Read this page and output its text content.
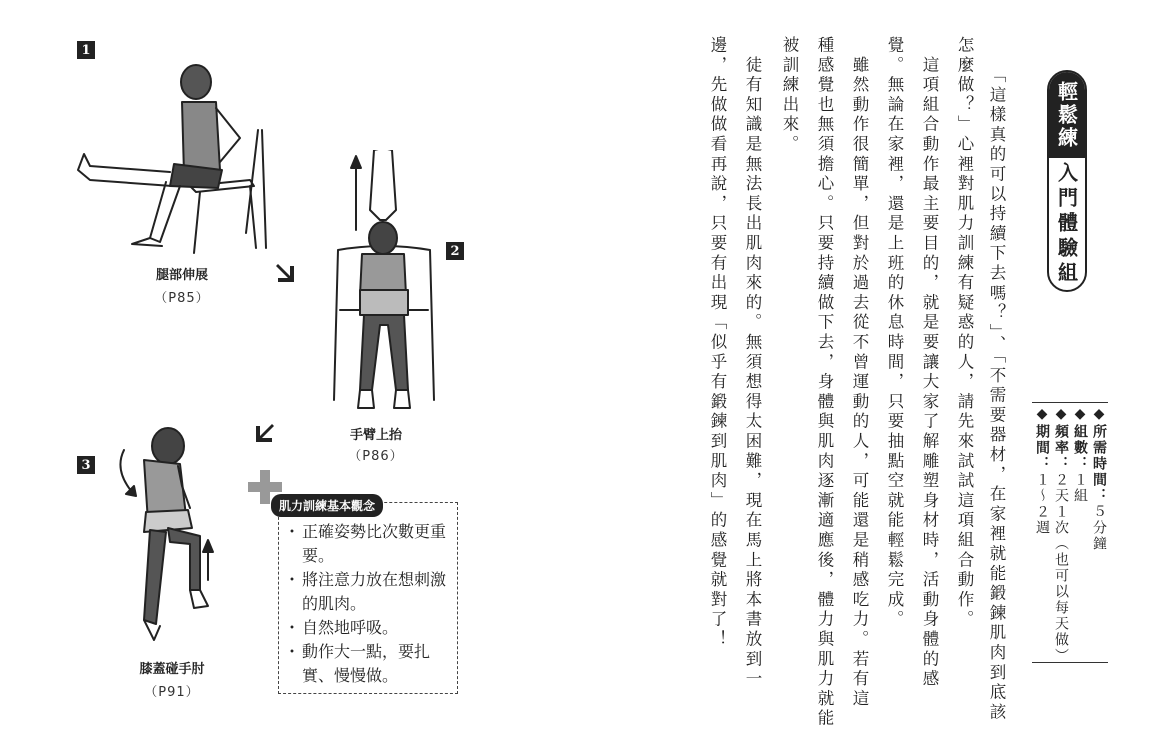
1
2
3
腿部伸展
（P85）
手臂上抬
（P86）
膝蓋碰手肘
（P91）
肌力訓練基本觀念
・ 正確姿勢比次數更重要。
・ 將注意力放在想刺激的肌肉。
・ 自然地呼吸。
・ 動作大一點，要扎實、慢慢做。
輕鬆練
入門體驗組
◆所需時間：５分鐘
◆組數：１組
◆頻率：２天１次（也可以每天做）
◆期間：１～２週
「這樣真的可以持續下去嗎？」、「不需要器材，在家裡就能鍛鍊肌肉到底該
怎麼做？」心裡對肌力訓練有疑惑的人，請先來試試這項組合動作。
　這項組合動作最主要目的，就是要讓大家了解雕塑身材時，活動身體的感
覺。無論在家裡，還是上班的休息時間，只要抽點空就能輕鬆完成。
　雖然動作很簡單，但對於過去從不曾運動的人，可能還是稍感吃力。若有這
種感覺也無須擔心。只要持續做下去，身體與肌肉逐漸適應後，體力與肌力就能
被訓練出來。
　徒有知識是無法長出肌肉來的。無須想得太困難，現在馬上將本書放到一
邊，先做做看再說，只要有出現「似乎有鍛鍊到肌肉」的感覺就對了！
